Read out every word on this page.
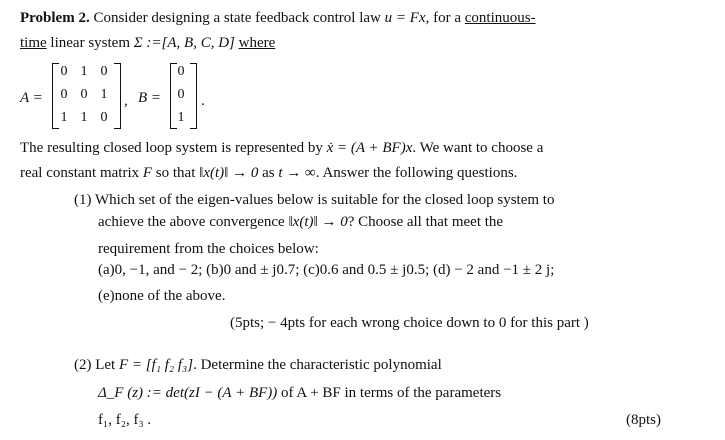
Problem 2. Consider designing a state feedback control law u = Fx, for a continuous-
time linear system Σ :=[A, B, C, D] where
A =
0 1 0
0 0 1
1 1 0
, B =
0
0
1
.
The resulting closed loop system is represented by ẋ = (A + BF)x. We want to choose a
real constant matrix F so that ‖x(t)‖ → 0 as t → ∞. Answer the following questions.
(1) Which set of the eigen-values below is suitable for the closed loop system to
achieve the above convergence ‖x(t)‖ → 0? Choose all that meet the
requirement from the choices below:
(a)0, −1, and − 2; (b)0 and ± j0.7; (c)0.6 and 0.5 ± j0.5; (d) − 2 and −1 ± 2 j;
(e)none of the above.
(5pts; − 4pts for each wrong choice down to 0 for this part )
(2) Let F = [f₁ f₂ f₃]. Determine the characteristic polynomial
Δ_F (z) := det(zI − (A + BF)) of A + BF in terms of the parameters
f₁, f₂, f₃ .	(8pts)
